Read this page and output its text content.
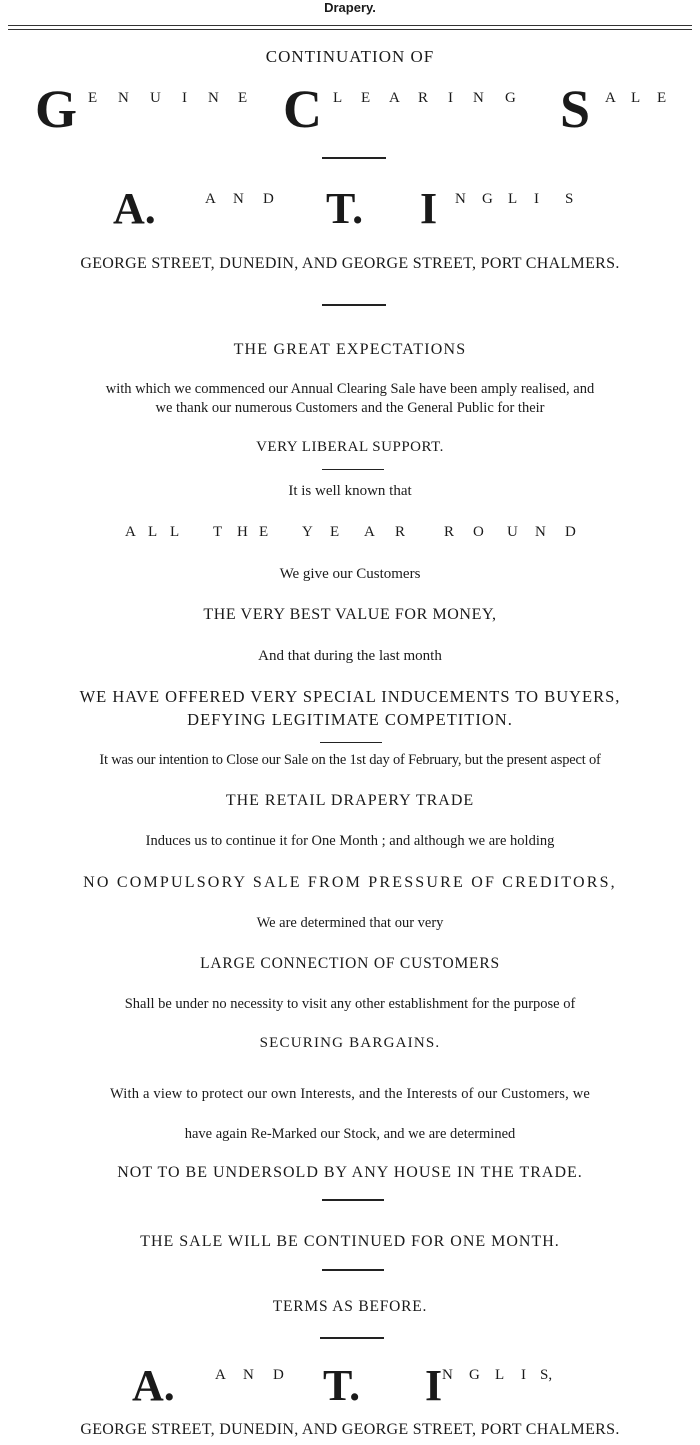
Drapery.
CONTINUATION OF
G E N U I N E C L E A R I N G S A L E
A.	A N D T. I N G L I S
GEORGE STREET, DUNEDIN, AND GEORGE STREET, PORT CHALMERS.
THE GREAT EXPECTATIONS
with which we commenced our Annual Clearing Sale have been amply realised, and
we thank our numerous Customers and the General Public for their
VERY LIBERAL SUPPORT.
It is well known that
A L L T H E Y E A R	R O U N D
We give our Customers
THE VERY BEST VALUE FOR MONEY,
And that during the last month
WE HAVE OFFERED VERY SPECIAL INDUCEMENTS TO BUYERS,
DEFYING LEGITIMATE COMPETITION.
It was our intention to Close our Sale on the 1st day of February, but the present aspect of
THE RETAIL DRAPERY TRADE
Induces us to continue it for One Month ; and although we are holding
NO COMPULSORY SALE FROM PRESSURE OF CREDITORS,
We are determined that our very
LARGE CONNECTION OF CUSTOMERS
Shall be under no necessity to visit any other establishment for the purpose of
SECURING BARGAINS.
With a view to protect our own Interests, and the Interests of our Customers, we
have again Re-Marked our Stock, and we are determined
NOT TO BE UNDERSOLD BY ANY HOUSE IN THE TRADE.
THE SALE WILL BE CONTINUED FOR ONE MONTH.
TERMS AS BEFORE.
A.	A N D T. I N G L I S,
GEORGE STREET, DUNEDIN, AND GEORGE STREET, PORT CHALMERS.
